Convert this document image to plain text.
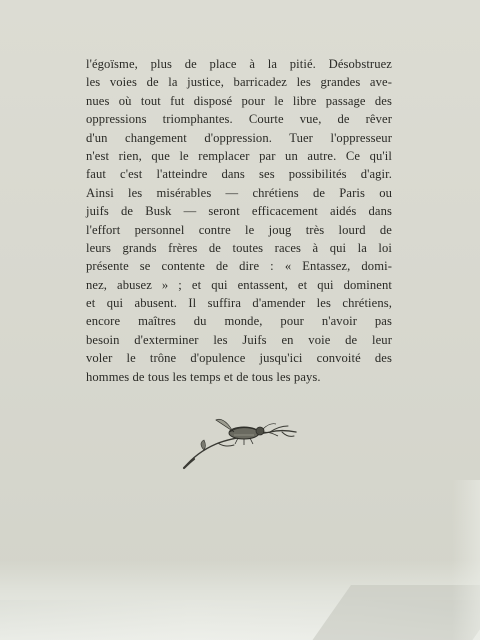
l'égoïsme, plus de place à la pitié. Désobstruez
les voies de la justice, barricadez les grandes ave-
nues où tout fut disposé pour le libre passage des
oppressions triomphantes. Courte vue, de rêver
d'un changement d'oppression. Tuer l'oppresseur
n'est rien, que le remplacer par un autre. Ce qu'il
faut c'est l'atteindre dans ses possibilités d'agir.
Ainsi les misérables — chrétiens de Paris ou
juifs de Busk — seront efficacement aidés dans
l'effort personnel contre le joug très lourd de
leurs grands frères de toutes races à qui la loi
présente se contente de dire : « Entassez, domi-
nez, abusez » ; et qui entassent, et qui dominent
et qui abusent. Il suffira d'amender les chrétiens,
encore maîtres du monde, pour n'avoir pas
besoin d'exterminer les Juifs en voie de leur
voler le trône d'opulence jusqu'ici convoité des
hommes de tous les temps et de tous les pays.
